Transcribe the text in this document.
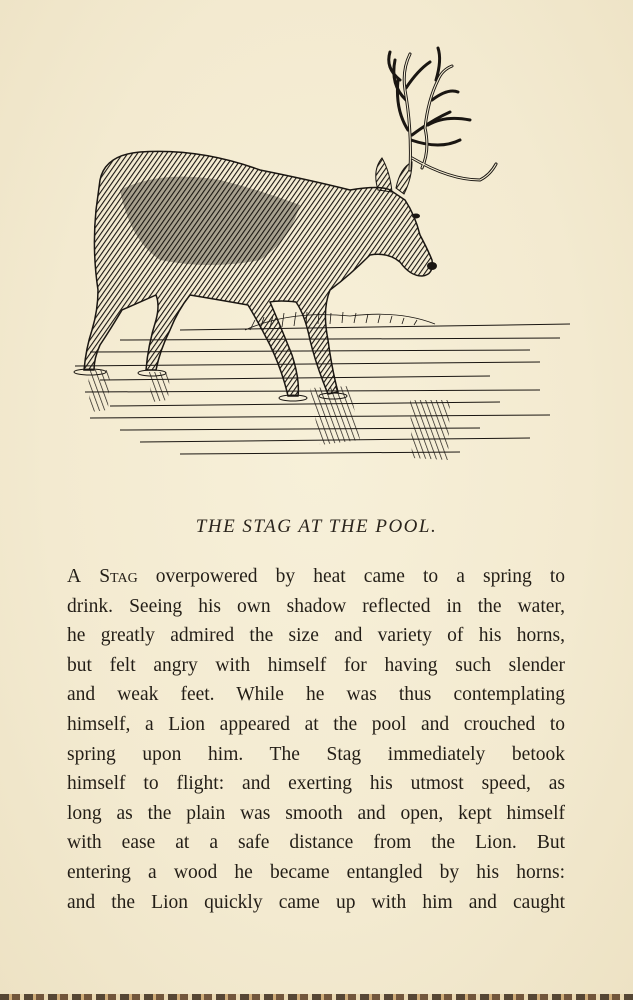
THE STAG AT THE POOL.
A Stag overpowered by heat came to a spring to
drink. Seeing his own shadow reflected in the water,
he greatly admired the size and variety of his horns,
but felt angry with himself for having such slender
and weak feet. While he was thus contemplating
himself, a Lion appeared at the pool and crouched to
spring upon him. The Stag immediately betook
himself to flight: and exerting his utmost speed, as
long as the plain was smooth and open, kept himself
with ease at a safe distance from the Lion. But
entering a wood he became entangled by his horns:
and the Lion quickly came up with him and caught
